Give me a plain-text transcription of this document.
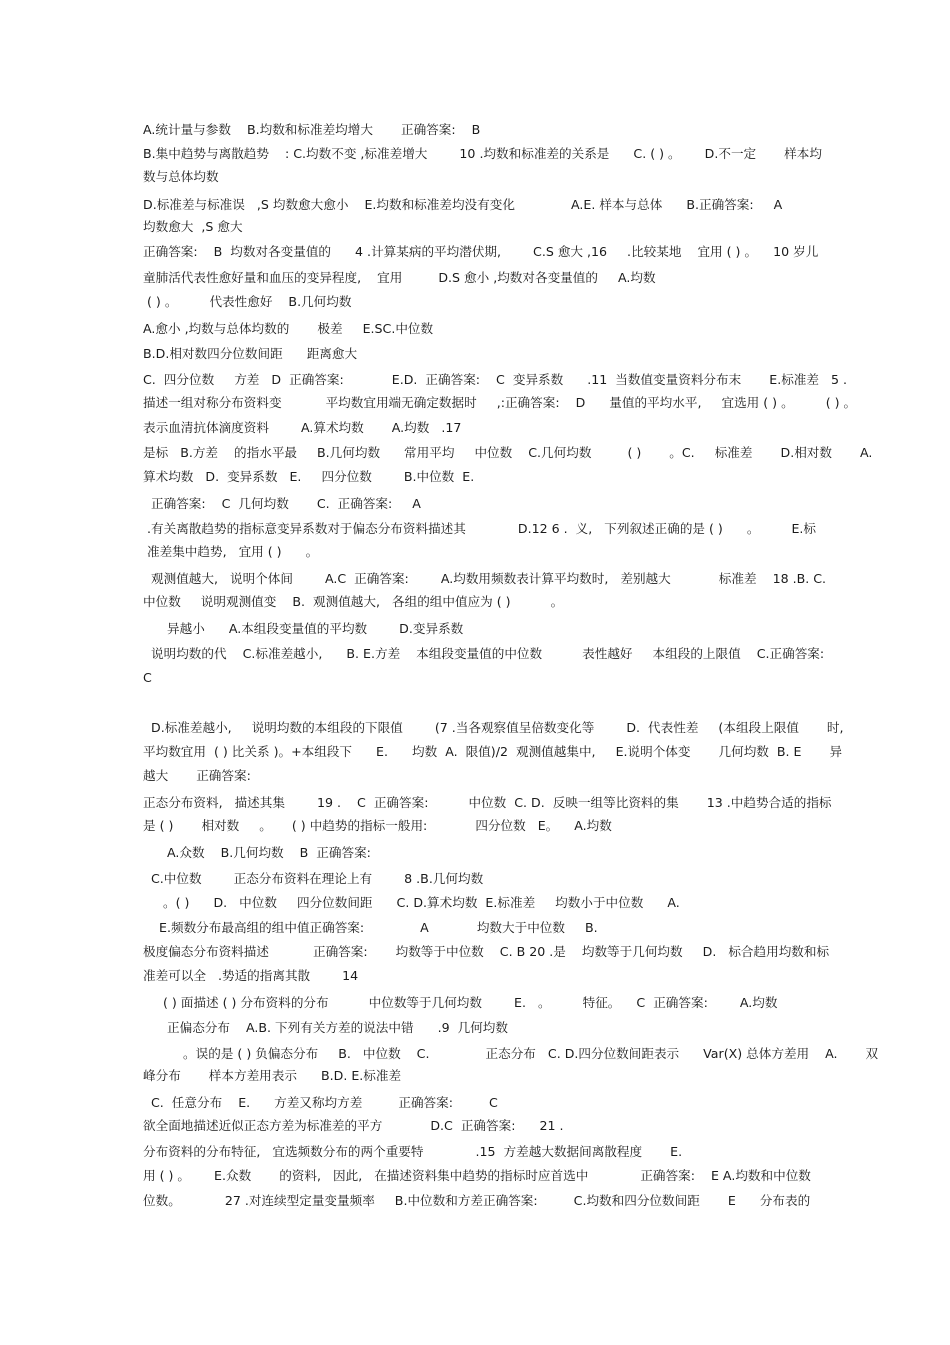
A.统计量与参数    B.均数和标准差均增大       正确答案:    B
B.集中趋势与离散趋势    : C.均数不变 ,标准差增大        10 .均数和标准差的关系是      C. ( ) 。      D.不一定       样本均
数与总体均数
D.标准差与标准误   ,S 均数愈大愈小    E.均数和标准差均没有变化              A.E. 样本与总体      B.正确答案:     A
均数愈大  ,S 愈大
正确答案:    B  均数对各变量值的      4 .计算某病的平均潜伏期,        C.S 愈大 ,16     .比较某地    宜用 ( ) 。    10 岁儿
童肺活代表性愈好量和血压的变异程度,    宜用         D.S 愈小 ,均数对各变量值的     A.均数
( ) 。        代表性愈好    B.几何均数
A.愈小 ,均数与总体均数的       极差     E.SC.中位数
B.D.相对数四分位数间距      距离愈大
C.  四分位数     方差   D  正确答案:            E.D.  正确答案:    C  变异系数      .11  当数值变量资料分布末       E.标准差   5 .
描述一组对称分布资料变           平均数宜用端无确定数据时     ,:正确答案:    D      量值的平均水平,     宜选用 ( ) 。        ( ) 。
表示血清抗体滴度资料        A.算术均数       A.均数   .17
是标   B.方差    的指水平最     B.几何均数      常用平均     中位数    C.几何均数         ( )       。C.     标准差       D.相对数       A.
算术均数   D.  变异系数   E.     四分位数        B.中位数  E.
正确答案:    C  几何均数       C.  正确答案:     A
.有关离散趋势的指标意变异系数对于偏态分布资料描述其             D.12 6 .  义,   下列叙述正确的是 ( )      。        E.标
准差集中趋势,   宜用 ( )      。
观测值越大,   说明个体间        A.C  正确答案:        A.均数用频数表计算平均数时,   差别越大            标准差    18 .B. C.
中位数     说明观测值变    B.  观测值越大,   各组的组中值应为 ( )          。
异越小      A.本组段变量值的平均数        D.变异系数
说明均数的代    C.标准差越小,      B. E.方差    本组段变量值的中位数          表性越好     本组段的上限值    C.正确答案:
C
D.标准差越小,     说明均数的本组段的下限值        (7 .当各观察值呈倍数变化等        D.  代表性差     (本组段上限值       时,
平均数宜用  ( ) 比关系 )。+本组段下      E.      均数  A.  限值)/2  观测值越集中,     E.说明个体变       几何均数  B. E       异
越大       正确答案:
正态分布资料,   描述其集        19 .    C  正确答案:          中位数  C. D.  反映一组等比资料的集       13 .中趋势合适的指标
是 ( )       相对数     。     ( ) 中趋势的指标一般用:            四分位数   E。    A.均数
A.众数    B.几何均数    B  正确答案:
C.中位数        正态分布资料在理论上有        8 .B.几何均数
。( )      D.   中位数     四分位数间距      C. D.算术均数  E.标准差     均数小于中位数      A.
E.频数分布最高组的组中值正确答案:              A            均数大于中位数     B.
极度偏态分布资料描述           正确答案:       均数等于中位数    C. B 20 .是    均数等于几何均数     D.   标合趋用均数和标
准差可以全   .势适的指离其散        14
( ) 面描述 ( ) 分布资料的分布          中位数等于几何均数        E.   。        特征。    C  正确答案:        A.均数
正偏态分布    A.B. 下列有关方差的说法中错      .9  几何均数
。误的是 ( ) 负偏态分布     B.   中位数    C.              正态分布   C. D.四分位数间距表示      Var(X) 总体方差用    A.       双
峰分布       样本方差用表示      B.D. E.标准差
C.  任意分布    E.      方差又称均方差         正确答案:         C
欲全面地描述近似正态方差为标准差的平方            D.C  正确答案:      21 .
分布资料的分布特征,   宜选频数分布的两个重要特             .15  方差越大数据间离散程度       E.
用 ( ) 。      E.众数       的资料,   因此,   在描述资料集中趋势的指标时应首选中             正确答案:    E A.均数和中位数
位数。           27 .对连续型定量变量频率     B.中位数和方差正确答案:         C.均数和四分位数间距       E      分布表的
